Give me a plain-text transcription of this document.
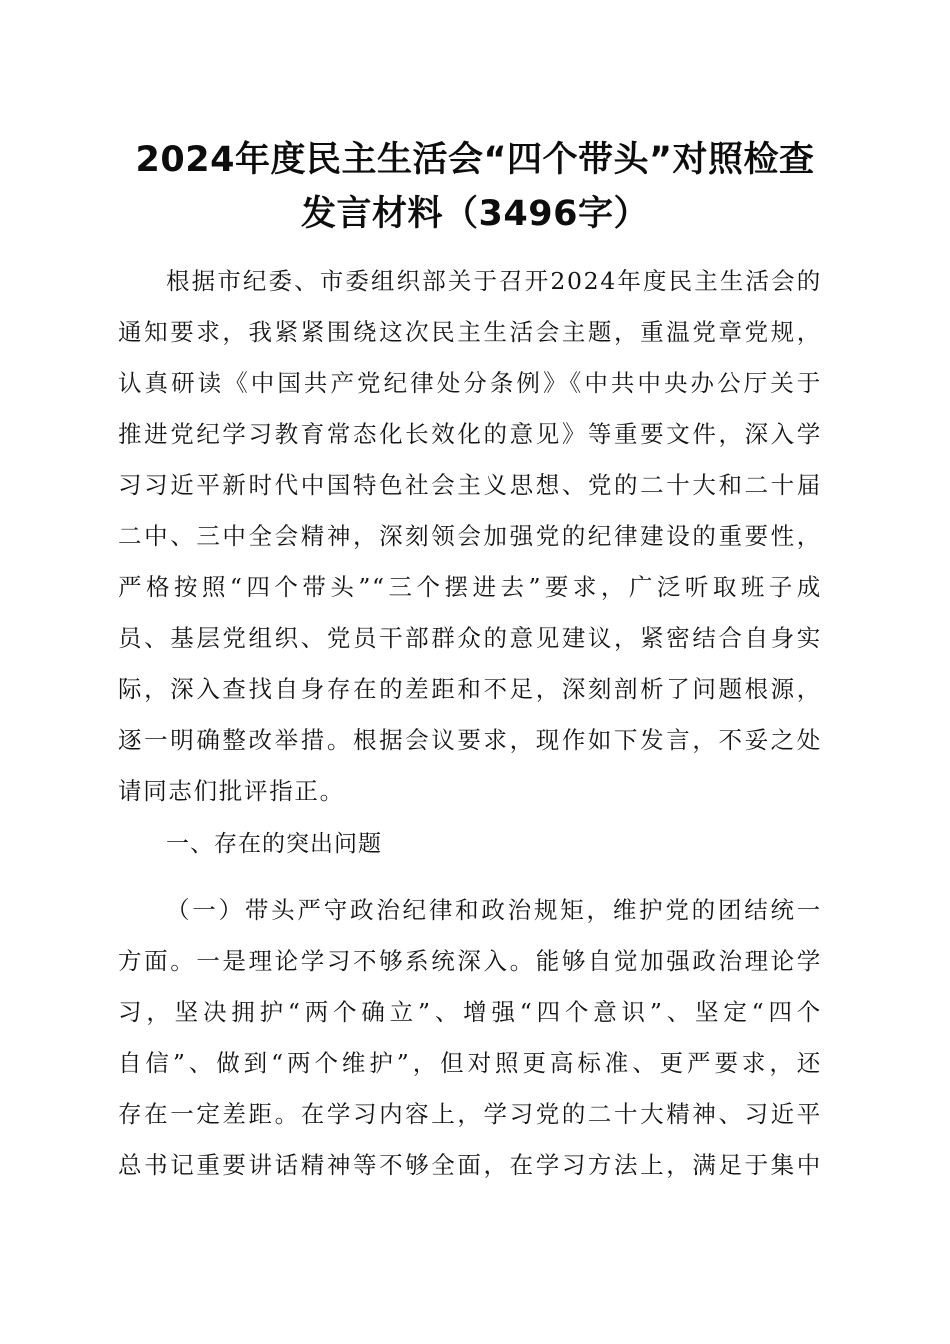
2024年度民主生活会“四个带头”对照检查
发言材料（3496字）
根据市纪委、市委组织部关于召开2024年度民主生活会的
通知要求，我紧紧围绕这次民主生活会主题，重温党章党规，
认真研读《中国共产党纪律处分条例》《中共中央办公厅关于
推进党纪学习教育常态化长效化的意见》等重要文件，深入学
习习近平新时代中国特色社会主义思想、党的二十大和二十届
二中、三中全会精神，深刻领会加强党的纪律建设的重要性，
严格按照“四个带头”“三个摆进去”要求，广泛听取班子成
员、基层党组织、党员干部群众的意见建议，紧密结合自身实
际，深入查找自身存在的差距和不足，深刻剖析了问题根源，
逐一明确整改举措。根据会议要求，现作如下发言，不妥之处
请同志们批评指正。
一、存在的突出问题
（一）带头严守政治纪律和政治规矩，维护党的团结统一
方面。一是理论学习不够系统深入。能够自觉加强政治理论学
习，坚决拥护“两个确立”、增强“四个意识”、坚定“四个
自信”、做到“两个维护”，但对照更高标准、更严要求，还
存在一定差距。在学习内容上，学习党的二十大精神、习近平
总书记重要讲话精神等不够全面，在学习方法上，满足于集中
